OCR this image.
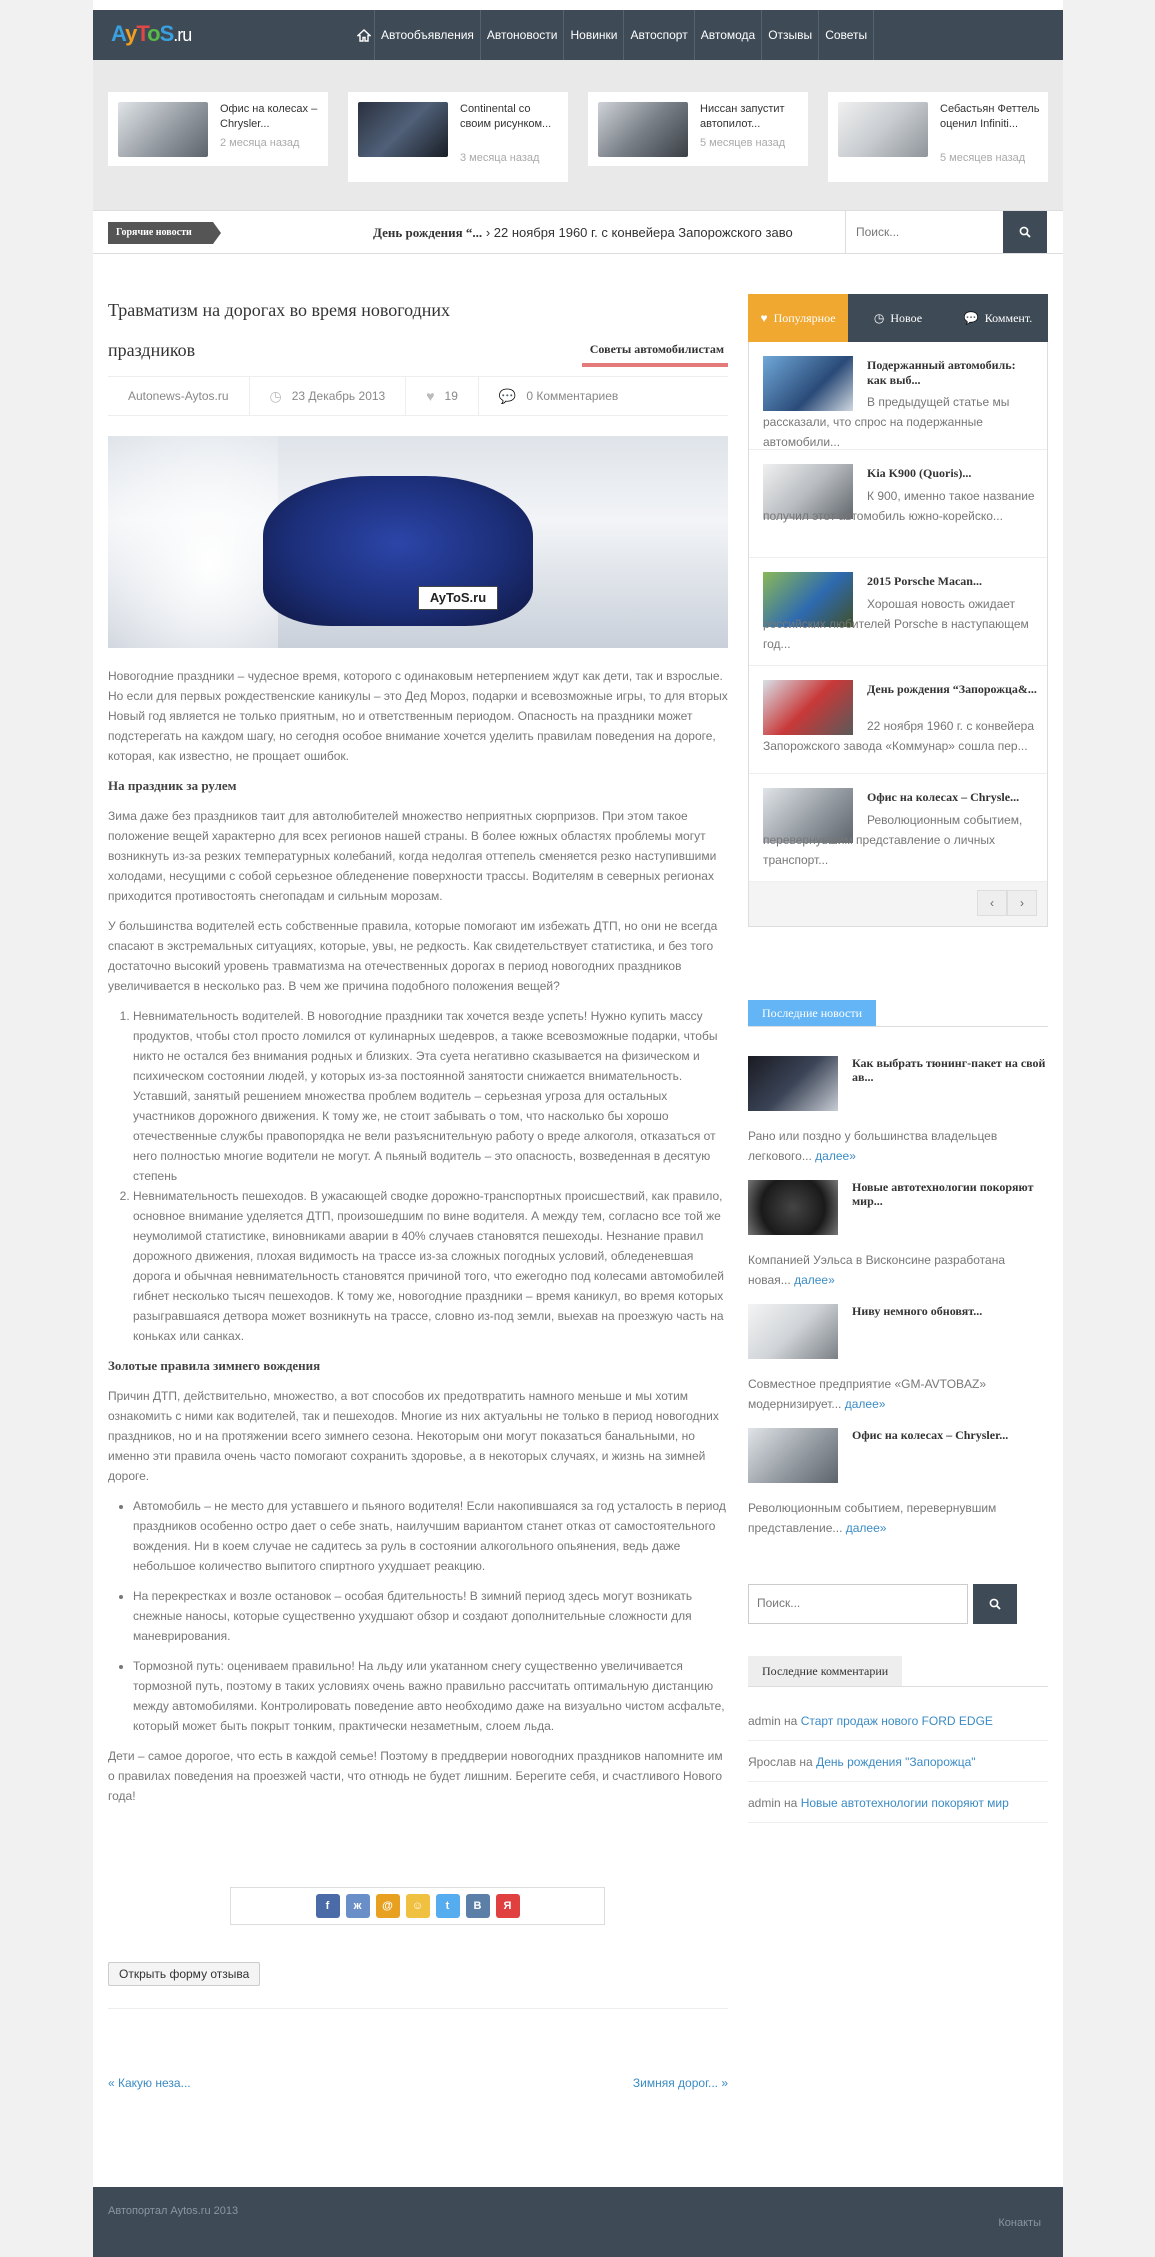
AyToS.ru	Автообъявления	Автоновости	Новинки	Автоспорт	Автомода	Отзывы	Советы
Офис на колесах – Chrysler...
2 месяца назад
Continental со своим рисунком...
3 месяца назад
Ниссан запустит автопилот...
5 месяцев назад
Себастьян Феттель оценил Infiniti...
5 месяцев назад
Горячие новости	День рождения “... › 22 ноября 1960 г. с конвейера Запорожского заво	Поиск...
Травматизм на дорогах во время новогодних праздников	Советы автомобилистам
Autonews-Aytos.ru	◷ 23 Декабрь 2013	♥ 19	💬 0 Комментариев
AyToS.ru

Новогодние праздники – чудесное время, которого с одинаковым нетерпением ждут как дети, так и взрослые. Но если для первых рождественские каникулы – это Дед Мороз, подарки и всевозможные игры, то для вторых Новый год является не только приятным, но и ответственным периодом. Опасность на праздники может подстерегать на каждом шагу, но сегодня особое внимание хочется уделить правилам поведения на дороге, которая, как известно, не прощает ошибок.

На праздник за рулем

Зима даже без праздников таит для автолюбителей множество неприятных сюрпризов. При этом такое положение вещей характерно для всех регионов нашей страны. В более южных областях проблемы могут возникнуть из-за резких температурных колебаний, когда недолгая оттепель сменяется резко наступившими холодами, несущими с собой серьезное обледенение поверхности трассы. Водителям в северных регионах приходится противостоять снегопадам и сильным морозам.

У большинства водителей есть собственные правила, которые помогают им избежать ДТП, но они не всегда спасают в экстремальных ситуациях, которые, увы, не редкость. Как свидетельствует статистика, и без того достаточно высокий уровень травматизма на отечественных дорогах в период новогодних праздников увеличивается в несколько раз. В чем же причина подобного положения вещей?

1. Невнимательность водителей. В новогодние праздники так хочется везде успеть! Нужно купить массу продуктов, чтобы стол просто ломился от кулинарных шедевров, а также всевозможные подарки, чтобы никто не остался без внимания родных и близких. Эта суета негативно сказывается на физическом и психическом состоянии людей, у которых из-за постоянной занятости снижается внимательность. Уставший, занятый решением множества проблем водитель – серьезная угроза для остальных участников дорожного движения. К тому же, не стоит забывать о том, что насколько бы хорошо отечественные службы правопорядка не вели разъяснительную работу о вреде алкоголя, отказаться от него полностью многие водители не могут. А пьяный водитель – это опасность, возведенная в десятую степень
2. Невнимательность пешеходов. В ужасающей сводке дорожно-транспортных происшествий, как правило, основное внимание уделяется ДТП, произошедшим по вине водителя. А между тем, согласно все той же неумолимой статистике, виновниками аварии в 40% случаев становятся пешеходы. Незнание правил дорожного движения, плохая видимость на трассе из-за сложных погодных условий, обледеневшая дорога и обычная невнимательность становятся причиной того, что ежегодно под колесами автомобилей гибнет несколько тысяч пешеходов. К тому же, новогодние праздники – время каникул, во время которых разыгравшаяся детвора может возникнуть на трассе, словно из-под земли, выехав на проезжую часть на коньках или санках.
Золотые правила зимнего вождения

Причин ДТП, действительно, множество, а вот способов их предотвратить намного меньше и мы хотим ознакомить с ними как водителей, так и пешеходов. Многие из них актуальны не только в период новогодних праздников, но и на протяжении всего зимнего сезона. Некоторым они могут показаться банальными, но именно эти правила очень часто помогают сохранить здоровье, а в некоторых случаях, и жизнь на зимней дороге.

• Автомобиль – не место для уставшего и пьяного водителя! Если накопившаяся за год усталость в период праздников особенно остро дает о себе знать, наилучшим вариантом станет отказ от самостоятельного вождения. Ни в коем случае не садитесь за руль в состоянии алкогольного опьянения, ведь даже небольшое количество выпитого спиртного ухудшает реакцию.
• На перекрестках и возле остановок – особая бдительность! В зимний период здесь могут возникать снежные наносы, которые существенно ухудшают обзор и создают дополнительные сложности для маневрирования.
• Тормозной путь: оцениваем правильно! На льду или укатанном снегу существенно увеличивается тормозной путь, поэтому в таких условиях очень важно правильно рассчитать оптимальную дистанцию между автомобилями. Контролировать поведение авто необходимо даже на визуально чистом асфальте, который может быть покрыт тонким, практически незаметным, слоем льда.

Дети – самое дорогое, что есть в каждой семье! Поэтому в преддверии новогодних праздников напомните им о правилах поведения на проезжей части, что отнюдь не будет лишним. Берегите себя, и счастливого Нового года!

f	ж	@	☺	t	В	Я
Открыть форму отзыва
« Какую неза...	Зимняя дорог... »
♥ Популярное	◷ Новое	💬 Коммент.
Подержанный автомобиль: как выб...
В предыдущей статье мы рассказали, что спрос на подержанные автомобили...
Kia K900 (Quoris)...
К 900, именно такое название получил этот автомобиль южно-корейско...
2015 Porsche Macan...
Хорошая новость ожидает российских любителей Porsche в наступающем год...
День рождения “Запорожца&...
22 ноября 1960 г. с конвейера Запорожского завода «Коммунар» сошла пер...
Офис на колесах – Chrysle...
Революционным событием, перевернувшим представление о личных транспорт...
‹	›
Последние новости
Как выбрать тюнинг-пакет на свой ав...
Рано или поздно у большинства владельцев легкового... далее»
Новые автотехнологии покоряют мир...
Компанией Уэльса в Висконсине разработана новая... далее»
Ниву немного обновят...
Совместное предприятие «GM-AVTOBAZ» модернизирует... далее»
Офис на колесах – Chrysler...
Революционным событием, перевернувшим представление... далее»
Поиск...
Последние комментарии
admin на Старт продаж нового FORD EDGE
Ярослав на День рождения "Запорожца"
admin на Новые автотехнологии покоряют мир
Автопортал Aytos.ru 2013
Конакты
